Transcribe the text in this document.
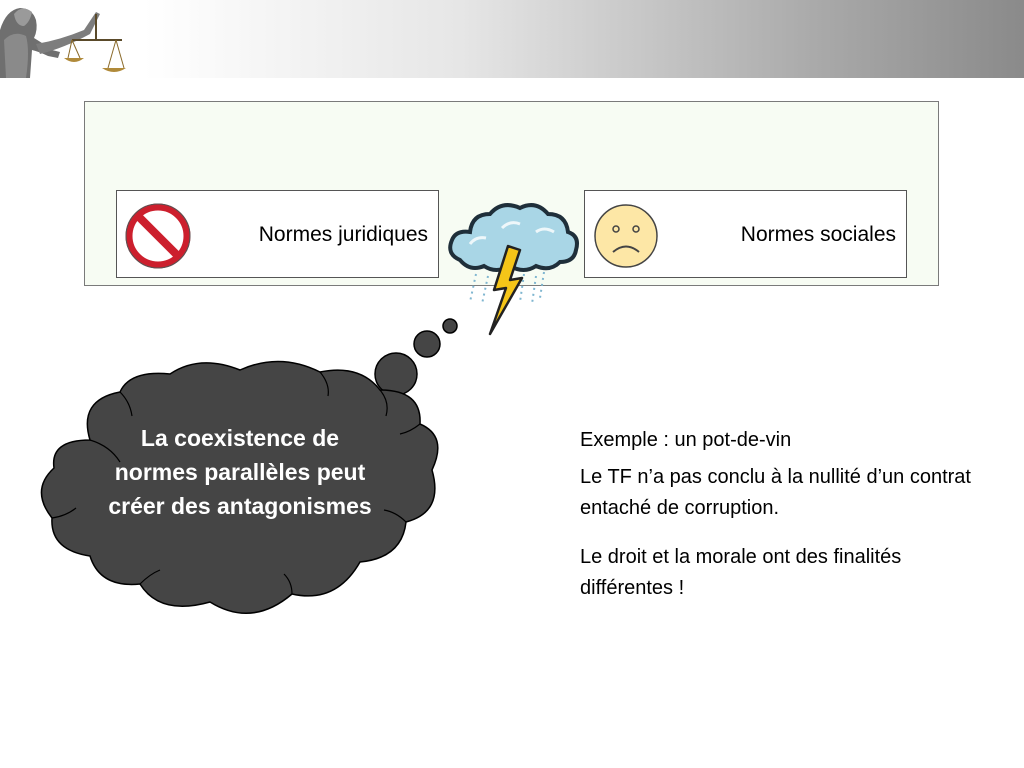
Normes juridiques	Normes sociales
La coexistence de normes parallèles peut créer des antagonismes

Exemple : un pot-de-vin

Le TF n’a pas conclu à la nullité d’un contrat entaché de corruption.

Le droit et la morale ont des finalités différentes !
